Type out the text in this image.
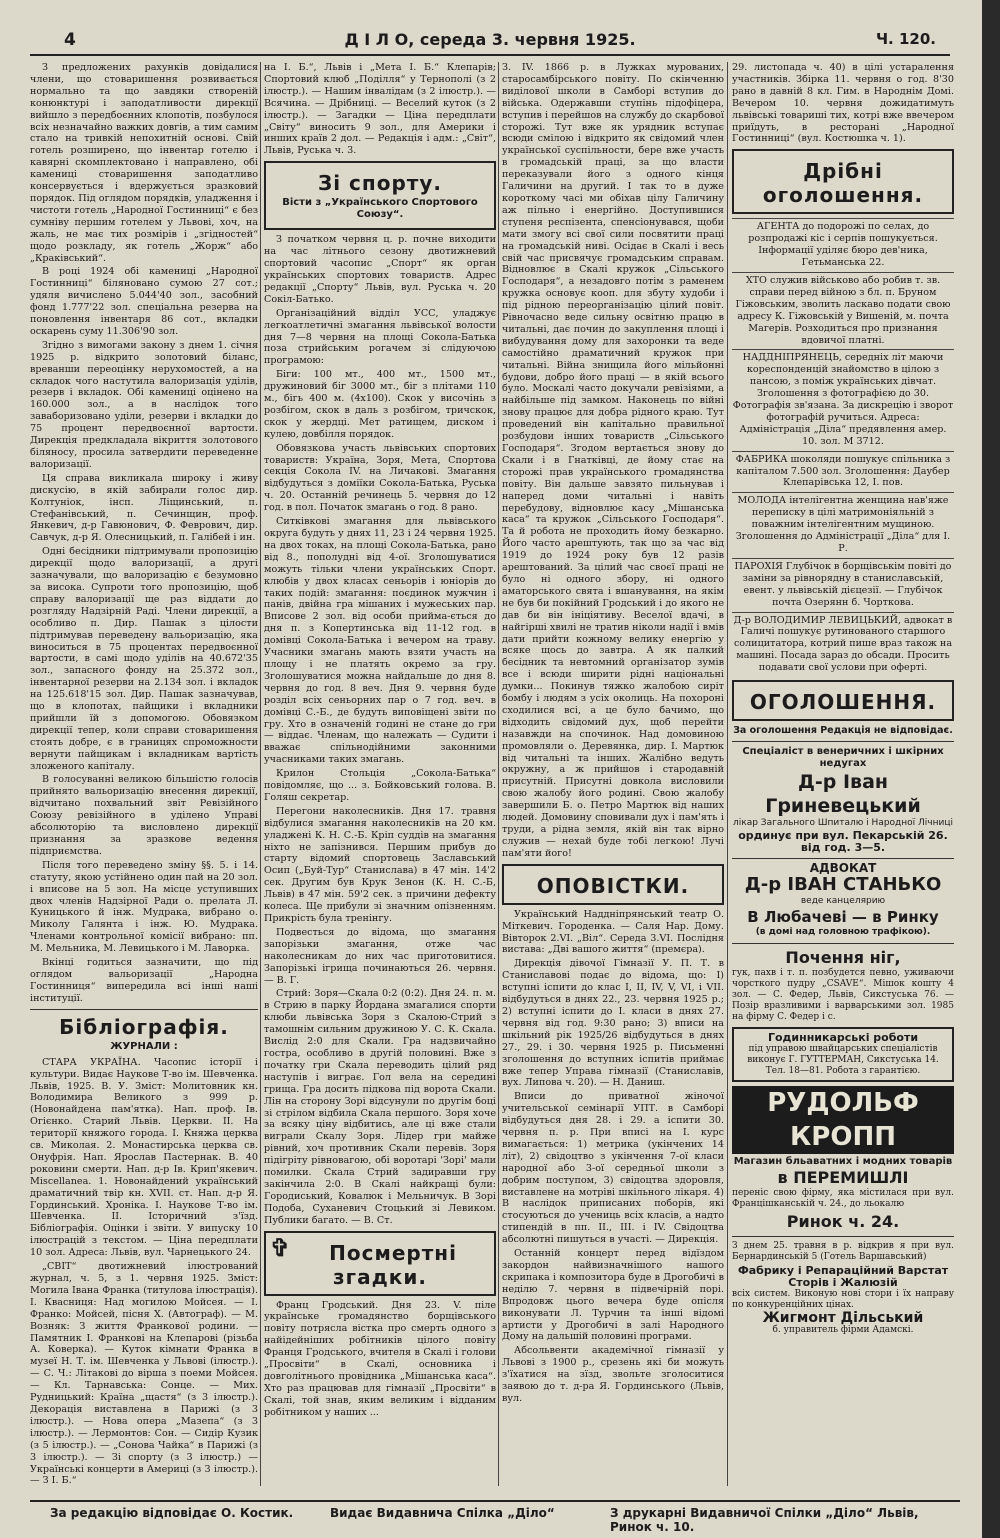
4	Д І Л О, середа 3. червня 1925.	Ч. 120.

З предложених рахунків довідалися члени, що стоваришення розвивається нормально та що завдяки створеній конюнктурі і заподатливости дирекції вийшло з передбоєнних клопотів, позбулося всіх незначайно важких довгів, а тим самим стало на тривкій непохитній основі. Свій готель розширено, що інвентар готелю і кавярні скомплектовано і направлено, обі камениці стоваришення заподатливо консервується і вдержується зразковий порядок. Під оглядом порядків, уладження і чистоти готель „Народної Гостинниці“ є без сумніву першим готелем у Львові, хоч, на жаль, не має тих розмірів і „згідностей“ щодо розкладу, як готель „Жорж“ або „Краківський“.

В році 1924 обі камениці „Народної Гостинниці“ біляновано сумою 27 сот.; удяля вичислено 5.044'40 зол., засобний фонд 1.777'22 зол. спеціальна резерва на поновлення інвентаря 86 сот., вкладки оскарень суму 11.306'90 зол.

Згідно з вимогами закону з днем 1. січня 1925 р. відкрито золотовий біланс, вреванши переоцінку нерухомостей, а на складок чого настутила валоризація уділів, резерв і вкладок. Обі камениці оцінено на 160.000 зол., а в наслідок того заваборизовано уділи, резерви і вкладки до 75 процент передвоєнної вартости. Дирекція предкладала вікриття золотового біляносу, просила затвердити переведенне валоризації.

Ця справа викликала широку і живу дискусію, в якій забирали голос дир. Колтуніок, інсп. Ліщинський, п. Стефанівський, п. Сечинщин, проф. Янкевич, д-р Гавюнович, Ф. Феврович, дир. Савчук, д-р Я. Олесницький, п. Галібей і ин.

Одні бесідники підтримували пропозицію дирекції щодо валоризації, а другі зазначували, що валоризацію є безумовно за висока. Супроти того пропозицію, щоб справу валоризації ще раз віддати до розгляду Надзірній Раді. Члени дирекції, а особливо п. Дир. Пашак з цілости підтримував переведену вальоризацію, яка виноситься в 75 процентах передвоєнної вартости, в самі щодо уділів на 40.672'35 зол., запасного фонду на 25.372 зол., інвентарної резерви на 2.134 зол. і вкладок на 125.618'15 зол. Дир. Пашак зазначував, що в клопотах, пайщики і вкладники прийшли їй з допомогою. Обовязком дирекції тепер, коли справи стоваришення стоять добре, є в границях спроможности вернути пайщикам і вкладникам вартість зложеного капіталу.

В голосуванні великою більшістю голосів прийнято вальоризацію внесення дирекції, відчитано похвальний звіт Ревізійного Союзу ревізійного в уділено Управі абсолюторію та висловлено дирекції признання за зразкове ведення підприємства.

Після того переведено зміну §§. 5. і 14. статуту, якою устійнено один пай на 20 зол. і вписове на 5 зол. На місце уступивших двох членів Надзірної Ради о. прелата Л. Куницького й інж. Мудрака, вибрано о. Миколу Галянта і інж. Ю. Мудрака. Членами контрольної комісії вибрано: пп. М. Мельника, М. Левицького і М. Лаворка.

Вкінці годиться зазначити, що під оглядом вальоризації „Народна Гостинниця“ випередила всі інші наші інституції.

Бібліографія.
ЖУРНАЛИ :

СТАРА УКРАЇНА. Часопис історії і культури. Видає Наукове Т-во ім. Шевченка. Львів, 1925. В. У. Зміст: Молитовник кн. Володимира Великого з 999 р. (Новонайдена пам'ятка). Нап. проф. Ів. Огієнко. Старий Львів. Церкви. II. На території княжого города. І. Княжа церква св. Миколая. 2. Монастирська церква св. Онуфрія. Нап. Ярослав Пастернак. В. 40 роковини смерти. Нап. д-р Ів. Крип'якевич. Miscellanea. 1. Новонайдений український драматичний твір кн. XVII. ст. Нап. д-р Я. Гординський. Хроніка. І. Наукове Т-во ім. Шевченка. II. Історичний з'їзд. Бібліографія. Оцінки і звіти. У випуску 10 ілюстрацій з текстом. — Ціна передплати 10 зол. Адреса: Львів, вул. Чарнецького 24.

„СВІТ“ двотижневий ілюстрований журнал, ч. 5, з 1. червня 1925. Зміст: Могила Івана Франка (титулова ілюстрація). І. Квасниця: Над могилою Мойсея. — І. Франко: Мойсей, пісня X. (Автограф). — М. Возняк: З життя Франкової родини. — Памятник І. Франкові на Клепарові (різьба А. Коверка). — Куток кімнати Франка в музеї Н. Т. ім. Шевченка у Львові (ілюстр.). — С. Ч.: Літакові до вірша з поеми Мойсея. — Кл. Тарнавська: Сонце. — Мих. Рудницький: Країна „щастя“ (з 3 ілюстр.). Декорація виставлена в Парижі (з 3 ілюстр.). — Нова опера „Мазепа“ (з 3 ілюстр.). — Лермонтов: Сон. — Сидір Кузик (з 5 ілюстр.). — „Сонова Чайка“ в Парижі (з 3 ілюстр.). — Зі спорту (з 3 ілюстр.) — Українські концерти в Америці (з 3 ілюстр.). — З І. Б.“

на І. Б.“, Львів і „Мета І. Б.“ Клепарів; Спортовий клюб „Поділля“ у Тернополі (з 2 ілюстр.). — Нашим інвалідам (з 2 ілюстр.). — Всячина. — Дрібниці. — Веселий куток (з 2 ілюстр.). — Загадки — Ціна передплати „Світу“ виносить 9 зол., для Америки і инших країв 2 дол. — Редакція і адм.: „Світ“, Львів, Руська ч. 3.

Зі спорту.
Вісти з „Українського Спортового Союзу“.

З початком червня ц. р. почне виходити на час літнього сезону двотижневий спортовий часопис „Спорт“ як орган українських спортових товариств. Адрес редакції „Спорту“ Львів, вул. Руська ч. 20 Сокіл-Батько.

Організаційний відділ УСС, уладжує легкоатлетичні змагання львівської волости дня 7—8 червня на площі Сокола-Батька поза стрийським рогачем зі слідуючою програмою:

Біги: 100 мт., 400 мт., 1500 мт., дружиновий біг 3000 мт., біг з плітами 110 м., бігь 400 м. (4х100). Скок у височінь з розбігом, скок в даль з розбігом, тричскок, скок у жердці. Мет ратищем, диском і кулею, довбілля порядок.

Обовязкова участь львівських спортових товариств: Україна, Зоря, Мета, Спортова секція Сокола IV. на Личакові. Змагання відбудуться з доміїки Сокола-Батька, Руська ч. 20. Останній речинець 5. червня до 12 год. в пол. Початок змагань о год. 8 рано.

Ситківкові змагання для львівського округа будуть у днях 11, 23 і 24 червня 1925. на двох токах, на площі Сокола-Батька, рано від 8., пополудні від 4-ої. Зголошуватися можуть тільки члени українських Спорт. клюбів у двох класах сеньорів і юніорів до таких подій: змагання: поєдинок мужчин і панів, двійна гра мішаних і мужеських пар. Вписове 2 зол. від особи прийма-ється до дня п. з Копертинська від 11-12 год. в домівці Сокола-Батька і вечером на траву. Учасники змагань мають взяти участь на площу і не платять окремо за гру. Зголошуватися можна найдальше до дня 8. червня до год. 8 веч. Дня 9. червня буде розділ всіх сеньорних пар о 7 год. веч. в домівці С.-Б., де будуть виповіщені звіти по гру. Хто в означеній годині не стане до гри — віддає. Членам, що належать — Судити і вважає спільнодійними законними учасниками таких змагань.

Крилон Стольція „Сокола-Батька“ повідомляє, що ... з. Бойковський голова. В. Голяш секретар.

Перегони наколесників. Дня 17. травня відбулися змагання наколесників на 20 км. уладжені К. Н. С.-Б. Кріп суддів на змагання ніхто не запізнився. Першим прибув до старту відомий спортовець Заславський Осип („Буй-Тур“ Станислава) в 47 мін. 14'2 сек. Другим був Крук Зенон (К. Н. С.-Б, Львів) в 47 мін. 59'2 сек. з причини дефекту колеса. Ще прибули зі значним опізненням. Прикрість була тренінгу.

Подвесться до відома, що змагання запорізьки змагання, отже час наколесникам до них час приготовитися. Запорізькі ігрища починаються 26. червня. — В. Г.

Стрий: Зоря—Скала 0:2 (0:2). Дня 24. п. м. в Стрию в парку Йордана змагалися спорти клюби львівська Зоря з Скалою-Стрий з тамошнім сильним дружиною У. С. К. Скала. Вислід 2:0 для Скали. Гра надзвичайно гостра, особливо в другій половині. Вже з початку гри Скала переводить цілий ряд наступів і виграє. Гол вела на середині грища. Гра досить підкова під ворота Скали. Лін на сторону Зорі відсунули по другім боці зі стрілом відбила Скала першого. Зоря хоче за всяку ціну відбитись, але ці вже стали виграли Скалу Зоря. Лідер гри майже рівний, хоч противник Скали перевів. Зоря підігріту рівновагою, обі воротарі 'Зорі' мали помилки. Скала Стрий задиравши гру закінчила 2:0. В Скалі найкращі були: Городиський, Ковалюк і Мельничук. В Зорі Подоба, Суханевич Стоцький зі Левиком. Публики багато. — В. Ст.

✞	Посмертні згадки.

Франц Гродський. Дня 23. V. піле українське громадянство борщівського повіту потрясла вістка про смерть одного з найідейніших робітників цілого повіту Франця Гродського, вчителя в Скалі і голови „Просвіти“ в Скалі, основника і довголітнього провідника „Мішанська каса“. Хто раз працював для гімназії „Просвіти“ в Скалі, той знав, яким великим і відданим робітником у наших ...

З. IV. 1866 р. в Лужках мурованих, старосамбірського повіту. По скінченню виділової школи в Самборі вступив до війська. Одержавши ступінь підофіцера, вступив і перейшов на службу до скарбової сторожі. Тут вже як урядник вступає всюди смілою і відкрито як свідомий член української суспільности, бере вже участь в громадській праці, за що власти переказували його з одного кінця Галичини на другий. І так то в дуже короткому часі ми обіхав цілу Галичину аж пільно і енергійно. Доступившися ступеня респізента, спенсіонувався, щоби мати змогу всі свої сили посвятити праці на громадській ниві. Осідає в Скалі і весь свій час присвячує громадським справам. Відновлює в Скалі кружок „Сільського Господаря“, а незадовго потім з раменем кружка основує кооп. для збуту худоби і під рідною переорганізацію цілий повіт. Рівночасно веде сильну освітню працю в читальні, дає почин до закуплення площі і вибудування дому для захоронки та веде самостійно драматичний кружок при читальні. Війна знищила його мільйонні будови, добро його праці — в якій всього було. Москалі часто докучали ревізіями, а найбільше під замком. Наконець по війні знову працює для добра рідного краю. Тут проведений він капітально правильної розбудови інших товариств „Сільського Господаря“. Згодом вертається знову до Скали і в Гнатківці, де йому стає на сторожі прав українського громадянства повіту. Він дальше завзято пильнував і наперед доми читальні і навіть перебудову, відновлює касу „Мішанська каса“ та кружок „Сільського Господаря“. Та й робота не проходить йому безкарно. Його часто арештують, так що за час від 1919 до 1924 року був 12 разів арештований. За цілий час своєї праці не було ні одного збору, ні одного аматорського свята і вшанування, на якім не був би покійний Гродський і до якого не дав би він ініціятиву. Веселої вдачі, в найгірші хвилі не тратив ніколи надії і вмів дати прийти кожному велику енергію у всяке щось до завтра. А як палкий бесідник та невтомний організатор зумів все і всюди ширити рідні національні думки... Покинув тяжко жалобою сиріт бомбу і людям з усіх околиць. На похороні сходилися всі, а це було бачимо, що відходить свідомий дух, щоб перейти назавжди на спочинок. Над домовиною промовляли о. Деревянка, дир. І. Мартюк від читальні та інших. Жалібно ведуть окружну, а ж прийшов і стародавній присутній. Присутні довкола висловили свою жалобу його родині. Свою жалобу завершили Б. о. Петро Мартюк від наших людей. Домовину сповивали дух і пам'ять і труди, а рідна земля, якій він так вірно служив — нехай буде тобі легкою! Лучі пам'яти його!

ОПОВІСТКИ.

Український Наддніпрянський театр О. Міткевич. Городенка. — Саля Нар. Дому. Вівторок 2.VI. „Віл“. Середа 3.VI. Послідня вистава: „Дві вашого життя“ (премєра).

Дирекція дівочої Гімназії У. П. Т. в Станиславові подає до відома, що: І) вступні іспити до клас I, II, IV, V, VI, і VII. відбудуться в днях 22., 23. червня 1925 р.; 2) вступні іспити до І. класи в днях 27. червня від год. 9:30 рано; 3) вписи на шкільний рік 1925/26 відбудуться в днях 27., 29. і 30. червня 1925 р. Письменні зголошення до вступних іспитів приймає вже тепер Управа гімназії (Станиславів, вух. Липова ч. 20). — Н. Даниш.

Вписи до приватної жіночої учительської семінарії УПТ. в Самборі відбудуться дня 28. і 29. а іспити 30. червня п. р. При вписі на І. курс вимагається: 1) метрика (укінчених 14 літ), 2) свідоцтво з укінчення 7-ої класи народної або 3-ої середньої школи з добрим поступом, 3) свідоцтва здоровля, виставлене на мотріві шкільного лікаря. 4) В наслідок приписаних поборів, які стосуються до учениць всіх класів, а надто стипендій в пп. II., III. і IV. Свідоцтва абсолютні пишуться в участі. — Дирекція.

Останній концерт перед відїздом закордон найвизначнішого нашого скрипака і композитора буде в Дрогобичі в неділю 7. червня в підвечірній порі. Впродовж цього вечера буде опісля виконувати Л. Турчин та інші відомі артисти у Дрогобичі в залі Народного Дому на дальшій половині програми.

Абсольвенти академічної гімназії у Львові з 1900 р., срезень які би можуть з'їхатися на зїзд, звольте зголоситися заявою до т. д-ра Я. Гординського (Львів, вул.

29. листопада ч. 40) в цілі устаралення участників. Збірка 11. червня о год. 8'30 рано в давній 8 кл. Гим. в Народнім Домі. Вечером 10. червня дожидатимуть львівські товариші тих, котрі вже ввечером приїдуть, в ресторані „Народної Гостинниці“ (вул. Костюшка ч. 1).

Дрібні оголошення.

АГЕНТА до подорожі по селах, до розпродажі кіс і серпів пошукується. Інформації уділяє бюро дев'ника, Гетьманська 22.

ХТО служив військово або робив т. зв. справи перед війною з бл. п. Бруном Гіжовським, зволить ласкаво подати свою адресу К. Гіжовській у Вишеній, м. почта Магерів. Розходиться про признання вдовичої платні.

НАДДНІПРЯНЕЦЬ, середніх літ маючи кореспонденцій знайомство в цілою з пансою, з поміж українських дівчат. Зголошення з фотографією до 30. Фотографія зв'язана. За дискрецію і зворот фотографій ручиться. Адреса: Адміністрація „Діла“ предявлення амер. 10. зол. М 3712.

ФАБРИКА шоколяди пошукує спільника з капіталом 7.500 зол. Зголошення: Даубер Клепарівська 12, І. пов.

МОЛОДА інтелігентна женщина нав'яже переписку в цілі матримоніяльній з поважним інтелігентним мущиною. Зголошення до Адміністрації „Діла“ для І. Р.

ПАРОХІЯ Глубічок в борщівськім повіті до заміни за рівнорядну в станиславській, евент. у львівській дієцезії. — Глубічок почта Озерянн б. Чорткова.

Д-р ВОЛОДИМИР ЛЕВИЦЬКИЙ, адвокат в Галичі пошукує рутинованого старшого солицитатора, котрий пише враз також на машині. Посада зараз до обсади. Просить подавати свої услови при оферті.

ОГОЛОШЕННЯ.
За оголошення Редакція не відповідає.
Спеціаліст в венеричних і шкірних недугах
Д-р Іван Гриневецький
лікар Загального Шпиталю і Народної Лічниці
ординує при вул. Пекарській 26. від год. 3—5.
АДВОКАТ
Д-р ІВАН СТАНЬКО
веде канцелярию
В Любачеві — в Ринку
(в домі над головною трафікою).
Почення ніг,

гук, пахв і т. п. позбудется певно, уживаючи чорсткого пудру „CSAVE“. Мішок кошту 4 зол. — С. Федер, Львів, Сикстуська 76. — Позір вразливими і варварськими зол. 1985 на фірму С. Федер і с.

Годинникарські роботи
під управою швайцарських спеціалістів виконує Г. ГУТТЕРМАН, Сикстуська 14. Тел. 18—81. Робота з гарантією.
РУДОЛЬФ КРОПП
Магазин бльаватних і модних товарів
в ПЕРЕМИШЛІ

переніс свою фірму, яка містилася при вул. Францішканській ч. 24., до льокалю

Ринок ч. 24.

З днем 25. травня в р. відкрив я при вул. Бернардинській 5 (Готель Варшавський)

Фабрику і Репараційний Варстат Сторів і Жалюзій

всіх систем. Виконую нові стори і їх направу по конкуренційних цінах.

Жигмонт Дільський
б. управитель фірми Адамскі.
За редакцію відповідає О. Костик.	Видає Видавнича Спілка „Діло“	З друкарні Видавничої Спілки „Діло“ Львів, Ринок ч. 10.
